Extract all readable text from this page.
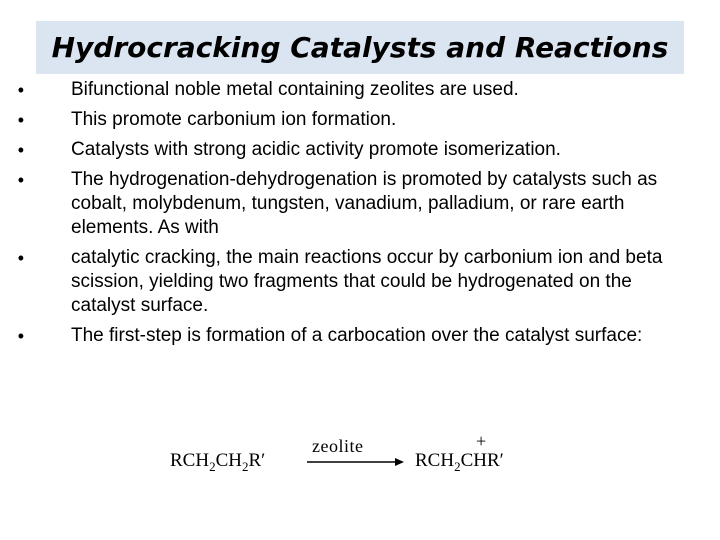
Hydrocracking Catalysts and Reactions
• Bifunctional noble metal containing zeolites are used.
• This promote carbonium ion formation.
• Catalysts with strong acidic activity promote isomerization.
• The hydrogenation-dehydrogenation is promoted by catalysts such as cobalt, molybdenum, tungsten, vanadium, palladium, or rare earth elements. As with
• catalytic cracking, the main reactions occur by carbonium ion and beta scission, yielding two fragments that could be hydrogenated on the catalyst surface.
• The first-step is formation of a carbocation over the catalyst surface:
$RCH_2CH_2R'$
zeolite	+
$RCH_2CHR'$
